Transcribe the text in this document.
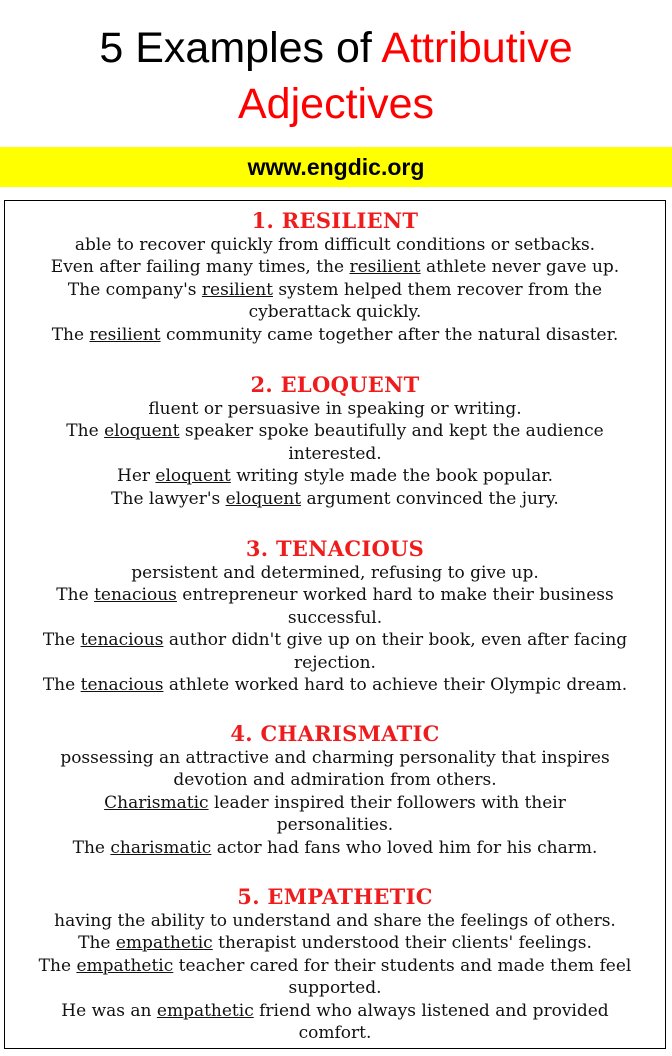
5 Examples of Attributive
Adjectives
www.engdic.org
1. RESILIENT

able to recover quickly from difficult conditions or setbacks.

Even after failing many times, the resilient athlete never gave up.

The company's resilient system helped them recover from the cyberattack quickly.

The resilient community came together after the natural disaster.

2. ELOQUENT

fluent or persuasive in speaking or writing.

The eloquent speaker spoke beautifully and kept the audience interested.

Her eloquent writing style made the book popular.

The lawyer's eloquent argument convinced the jury.

3. TENACIOUS

persistent and determined, refusing to give up.

The tenacious entrepreneur worked hard to make their business successful.

The tenacious author didn't give up on their book, even after facing rejection.

The tenacious athlete worked hard to achieve their Olympic dream.

4. CHARISMATIC

possessing an attractive and charming personality that inspires devotion and admiration from others.

Charismatic leader inspired their followers with their personalities.

The charismatic actor had fans who loved him for his charm.

5. EMPATHETIC

having the ability to understand and share the feelings of others.

The empathetic therapist understood their clients' feelings.

The empathetic teacher cared for their students and made them feel supported.

He was an empathetic friend who always listened and provided comfort.
